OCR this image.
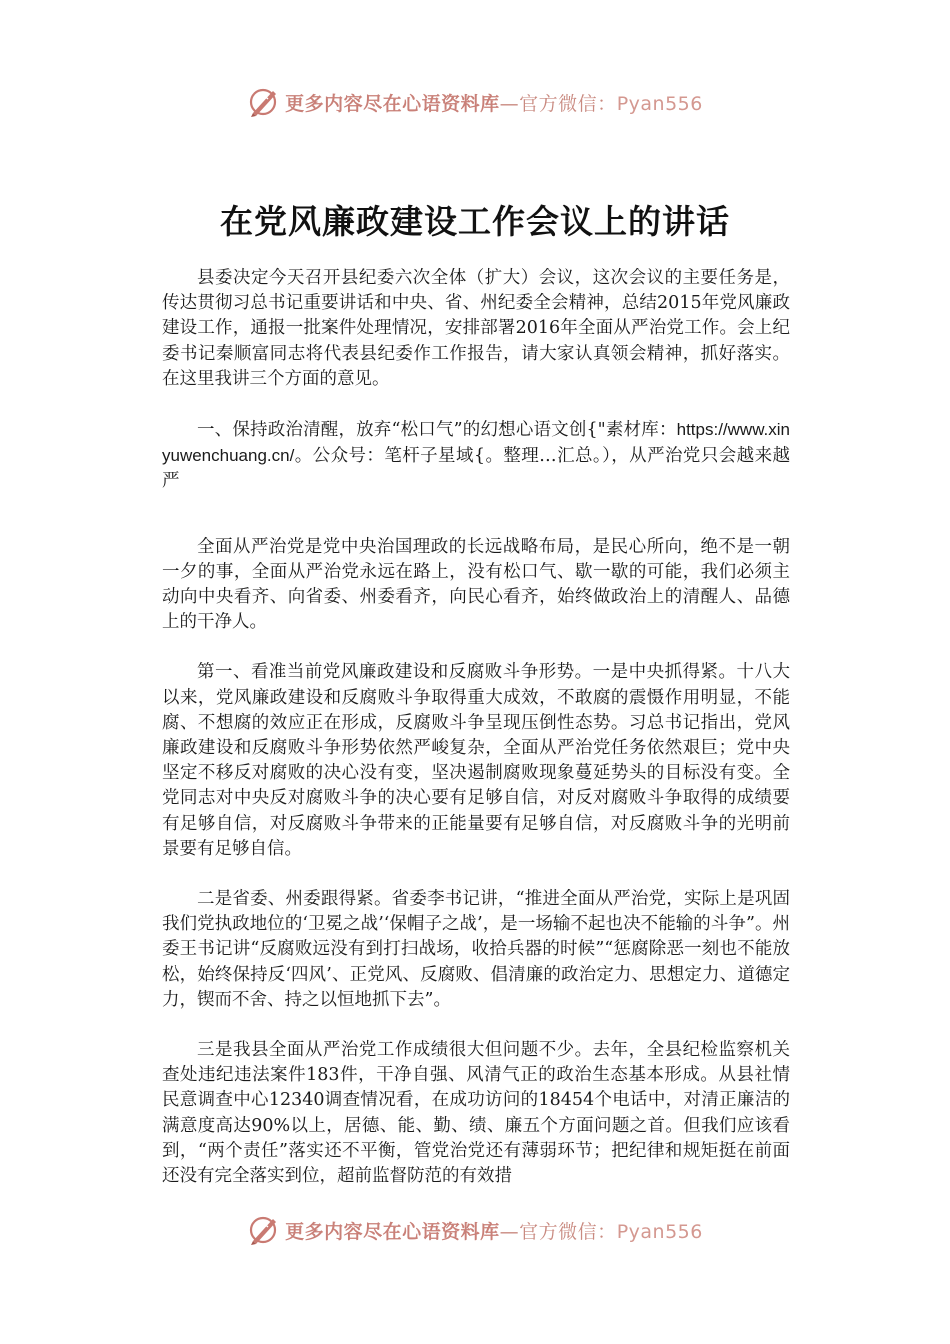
更多内容尽在心语资料库—官方微信：Pyan556
在党风廉政建设工作会议上的讲话

县委决定今天召开县纪委六次全体（扩大）会议，这次会议的主要任务是，传达贯彻习总书记重要讲话和中央、省、州纪委全会精神，总结2015年党风廉政建设工作，通报一批案件处理情况，安排部署2016年全面从严治党工作。会上纪委书记秦顺富同志将代表县纪委作工作报告，请大家认真领会精神，抓好落实。在这里我讲三个方面的意见。

一、保持政治清醒，放弃“松口气”的幻想心语文创{"素材库：https://www.xinyuwenchuang.cn/。公众号：笔杆子星域{。整理…汇总。），从严治党只会越来越严

全面从严治党是党中央治国理政的长远战略布局，是民心所向，绝不是一朝一夕的事，全面从严治党永远在路上，没有松口气、歇一歇的可能，我们必须主动向中央看齐、向省委、州委看齐，向民心看齐，始终做政治上的清醒人、品德上的干净人。

第一、看准当前党风廉政建设和反腐败斗争形势。一是中央抓得紧。十八大以来，党风廉政建设和反腐败斗争取得重大成效，不敢腐的震慑作用明显，不能腐、不想腐的效应正在形成，反腐败斗争呈现压倒性态势。习总书记指出，党风廉政建设和反腐败斗争形势依然严峻复杂，全面从严治党任务依然艰巨；党中央坚定不移反对腐败的决心没有变，坚决遏制腐败现象蔓延势头的目标没有变。全党同志对中央反对腐败斗争的决心要有足够自信，对反对腐败斗争取得的成绩要有足够自信，对反腐败斗争带来的正能量要有足够自信，对反腐败斗争的光明前景要有足够自信。

二是省委、州委跟得紧。省委李书记讲，“推进全面从严治党，实际上是巩固我们党执政地位的‘卫冕之战’‘保帽子之战’，是一场输不起也决不能输的斗争”。州委王书记讲“反腐败远没有到打扫战场，收拾兵器的时候”“惩腐除恶一刻也不能放松，始终保持反‘四风’、正党风、反腐败、倡清廉的政治定力、思想定力、道德定力，锲而不舍、持之以恒地抓下去”。

三是我县全面从严治党工作成绩很大但问题不少。去年，全县纪检监察机关查处违纪违法案件183件，干净自强、风清气正的政治生态基本形成。从县社情民意调查中心12340调查情况看，在成功访问的18454个电话中，对清正廉洁的满意度高达90%以上，居德、能、勤、绩、廉五个方面问题之首。但我们应该看到，“两个责任”落实还不平衡，管党治党还有薄弱环节；把纪律和规矩挺在前面还没有完全落实到位，超前监督防范的有效措

更多内容尽在心语资料库—官方微信：Pyan556
